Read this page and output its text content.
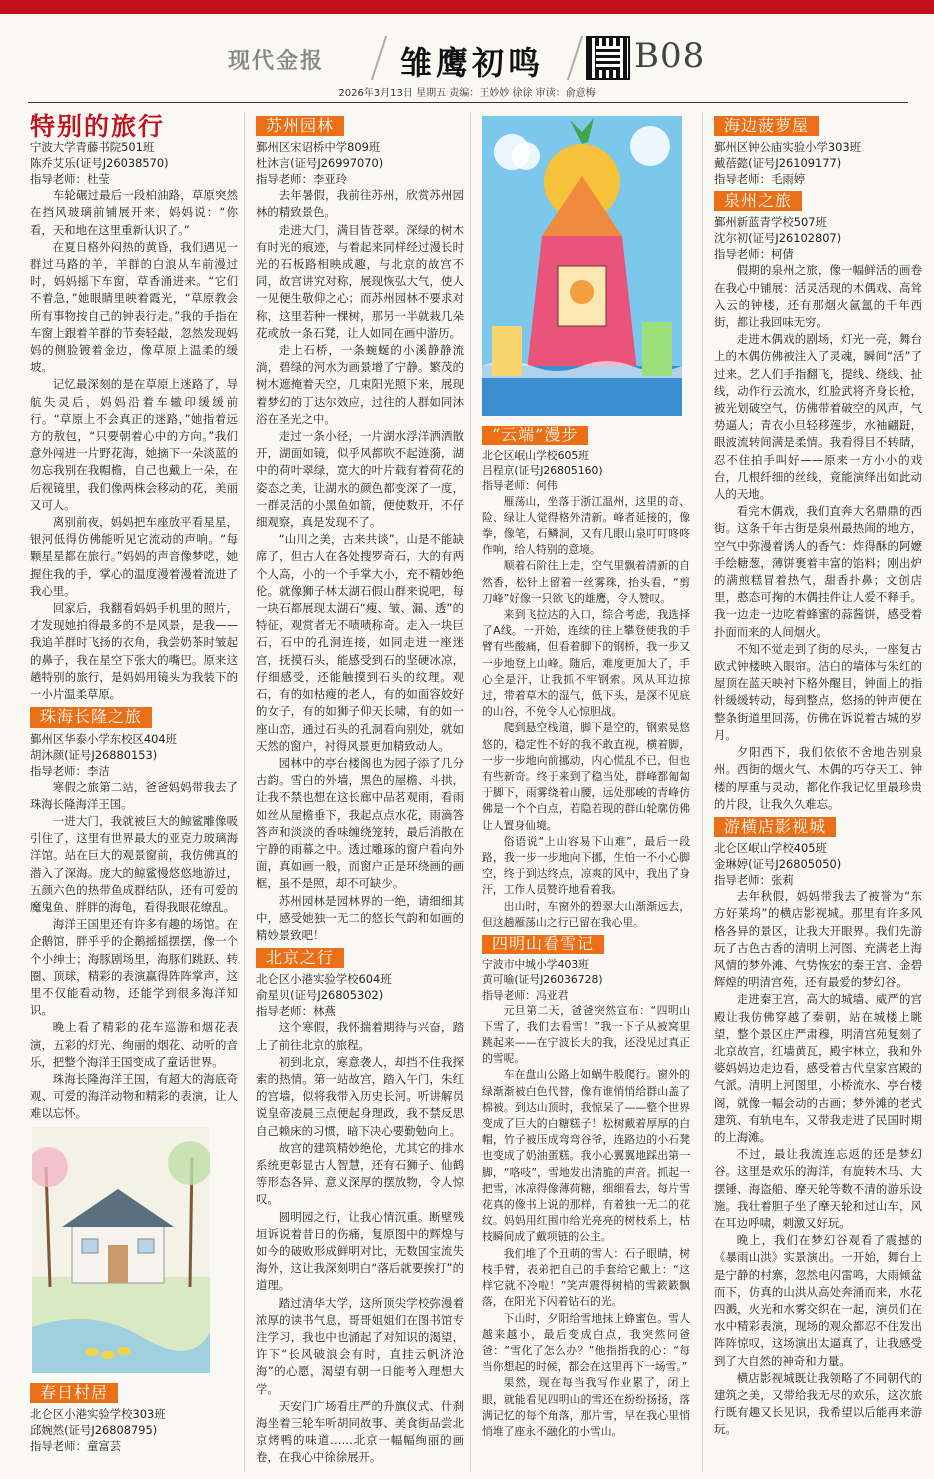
现代金报 雏鹰初鸣	B08
2026年3月13日 星期五 责编：王妙妙 徐徐 审读：俞意梅
特别的旅行
宁波大学青藤书院501班
陈乔艾乐(证号J26038570)
指导老师：杜莹

车轮碾过最后一段柏油路，草原突然在挡风玻璃前铺展开来，妈妈说：“你看，天和地在这里重新认识了。”

在夏日格外闷热的黄昏，我们遇见一群过马路的羊，羊群的白浪从车前漫过时，妈妈摇下车窗，草香涌进来。“它们不着急，”她眼睛里映着霞光，“草原教会所有事物按自己的钟表行走。”我的手指在车窗上跟着羊群的节奏轻敲，忽然发现妈妈的侧脸镀着金边，像草原上温柔的缓坡。

记忆最深刻的是在草原上迷路了，导航失灵后，妈妈沿着车辙印缓缓前行。“草原上不会真正的迷路，”她指着远方的敖包，“只要朝着心中的方向。”我们意外闯进一片野花海，她摘下一朵淡蓝的勿忘我别在我帽檐，自己也戴上一朵，在后视镜里，我们像两株会移动的花，美丽又可人。

离别前夜，妈妈把车座放平看星星，银河低得仿佛能听见它流动的声响。“每颗星星都在旅行。”妈妈的声音像梦呓，她握住我的手，掌心的温度漫着漫着流进了我心里。

回家后，我翻看妈妈手机里的照片，才发现她拍得最多的不是风景，是我——我追羊群时飞扬的衣角，我尝奶茶时皱起的鼻子，我在星空下张大的嘴巴。原来这趟特别的旅行，是妈妈用镜头为我装下的一小片温柔草原。

珠海长隆之旅
鄞州区华泰小学东校区404班
胡沐颜(证号J26880153)
指导老师：李洁

寒假之旅第二站，爸爸妈妈带我去了珠海长隆海洋王国。

一进大门，我就被巨大的鲸鲨雕像吸引住了，这里有世界最大的亚克力玻璃海洋馆。站在巨大的观景窗前，我仿佛真的潜入了深海。庞大的鲸鲨慢悠悠地游过，五颜六色的热带鱼成群结队，还有可爱的魔鬼鱼、胖胖的海龟，看得我眼花缭乱。

海洋王国里还有许多有趣的场馆。在企鹅馆，胖乎乎的企鹅摇摇摆摆，像一个个小绅士；海豚剧场里，海豚们跳跃、转圈、顶球，精彩的表演赢得阵阵掌声，这里不仅能看动物，还能学到很多海洋知识。

晚上看了精彩的花车巡游和烟花表演，五彩的灯光、绚丽的烟花、动听的音乐，把整个海洋王国变成了童话世界。

珠海长隆海洋王国，有超大的海底奇观、可爱的海洋动物和精彩的表演，让人难以忘怀。

春日村居
北仑区小港实验学校303班
邱婉然(证号J26808795)
指导老师：童富芸
苏州园林
鄞州区宋诏桥中学809班
杜沐言(证号J26997070)
指导老师：李亚玲

去年暑假，我前往苏州，欣赏苏州园林的精致景色。

走进大门，满目皆苍翠。深绿的树木有时光的痕迹，与着起来同样经过漫长时光的石板路相映成趣，与北京的故宫不同，故宫讲究对称，展现恢弘大气，使人一见便生敬仰之心；而苏州园林不要求对称，这里若种一棵树，那另一半就栽几朵花或放一条石凳，让人如同在画中游历。

走上石桥，一条蜿蜒的小溪静静流淌，碧绿的河水为画景增了宁静。繁茂的树木遮掩着天空，几束阳光照下来，展现着梦幻的丁达尔效应，过往的人群如同沐浴在圣光之中。

走过一条小径，一片湖水浮洋洒洒散开，湖面如镜，似乎风都吹不起涟漪，湖中的荷叶翠绿，宽大的叶片载有着荷花的姿态之美，让湖水的颜色都变深了一度，一群灵活的小黑鱼如箭，便使数开，不仔细观察，真是发现不了。

“山川之美，古来共谈”，山是不能缺席了，但古人在各处搜罗奇石，大的有两个人高，小的一个手掌大小，充不精妙绝伦。就像狮子林太湖石假山群来说吧，每一块石都展现太湖石“瘦、皱、漏、透”的特征，观赏者无不啧啧称奇。走入一块巨石，石中的孔洞连接，如同走进一座迷宫，抚摸石头，能感受到石的坚硬冰凉，仔细感受，还能触摸到石头的纹理。观石，有的如枯瘦的老人，有的如面容姣好的女子，有的如狮子仰天长啸，有的如一座山峦，通过石头的孔洞看向别处，就如天然的窗户，衬得风景更加精致动人。

园林中的亭台楼阁也为园子添了几分古韵。雪白的外墙，黑色的屋檐、斗拱，让我不禁也想在这长廊中品茗观雨，看雨如丝从屋檐垂下，我起点点水花，雨滴答答声和淡淡的香味缠绕笼转，最后消散在宁静的雨幕之中。透过雕琢的窗户看向外面，真如画一般，而窗户正是环绕画的画框，虽不是照，却不可缺少。

苏州园林是园林界的一绝，请细细其中，感受她独一无二的悠长气韵和如画的精妙景致吧！

北京之行
北仑区小港实验学校604班
俞星贝(证号J26805302)
指导老师：林燕

这个寒假，我怀揣着期待与兴奋，踏上了前往北京的旅程。

初到北京，寒意袭人，却挡不住我探索的热情。第一站故宫，踏入午门，朱红的宫墙，似将我带入历史长河。听讲解员说皇帝凌晨三点便起身理政，我不禁反思自己赖床的习惯，暗下决心要勤勉向上。

故宫的建筑精妙绝伦，尤其它的排水系统更彰显古人智慧，还有石狮子、仙鹤等形态各异、意义深厚的摆放物，令人惊叹。

圆明园之行，让我心情沉重。断壁残垣诉说着昔日的伤痛，复原图中的辉煌与如今的破败形成鲜明对比，无数国宝流失海外，这让我深刻明白“落后就要挨打”的道理。

踏过清华大学，这所顶尖学校弥漫着浓厚的读书气息，哥哥姐姐们在图书馆专注学习，我也中也涌起了对知识的渴望，许下“长风破浪会有时，直挂云帆济沧海”的心愿，渴望有朝一日能考入理想大学。

天安门广场看庄严的升旗仪式、什刹海坐着三轮车听胡同故事、美食街品尝北京烤鸭的味道……北京一幅幅绚丽的画卷，在我心中徐徐展开。

“云端”漫步
北仑区岷山学校605班
吕程京(证号J26805160)
指导老师：何伟

雁荡山，坐落于浙江温州，这里的奇、险、绿让人觉得格外清新。峰者延接的，像拳，像笔，石鳞洞，又有几眼山泉叮叮咚咚作响，给人特别的意境。

顺着石阶往上走，空气里飘着清新的自然香，松针上留着一丝雾珠，抬头看，“剪刀峰”好像一只欲飞的雄鹰，令人赞叹。

来到飞拉达的入口，综合考虑，我选择了A线。一开始，连续的往上攀登使我的手臂有些酸痛，但看着脚下的钢桥，我一步又一步地登上山峰。随后，难度更加大了，手心全是汗，让我抓不牢钢索。风从耳边掠过，带着草木的湿气，低下头，是深不见底的山谷，不免令人心惊胆战。

爬到悬空栈道，脚下是空的，钢索晃悠悠的，稳定性不好的我不敢直视，横着脚，一步一步地向前挪动，内心慌乱不已，但也有些新奇。终于来到了稳当处，群峰都匍匐于脚下，雨雾绕着山腰，远处那峻的青峰仿佛是一个个白点，若隐若现的群山轮廓仿佛让人置身仙境。

俗语说“上山容易下山难”，最后一段路，我一步一步地向下挪，生怕一不小心脚空，终于到达终点，凉爽的风中，我出了身汗，工作人员赞许地看着我。

出山时，车窗外的碧翠大山渐渐远去，但这趟雁荡山之行已留在我心里。

四明山看雪记
宁波市中城小学403班
黄可喻(证号J26036728)
指导老师：冯亚君

元旦第二天，爸爸突然宣布：“四明山下雪了，我们去看雪！”我一下子从被窝里跳起来——在宁波长大的我，还没见过真正的雪呢。

车在盘山公路上如蜗牛般爬行。窗外的绿渐渐被白色代替，像有谁悄悄给群山盖了棉被。到达山顶时，我惊呆了——整个世界变成了巨大的白糖糕子！松树戴着厚厚的白帽，竹子被压成弯弯谷爷，连路边的小石凳也变成了奶油蛋糕。我小心翼翼地踩出第一脚，“咯吱”，雪地发出清脆的声音。抓起一把雪，冰凉得像薄荷糖，细细看去，每片雪花真的像书上说的那样，有着独一无二的花纹。妈妈用红围巾给光亮亮的树枝系上，枯枝瞬间成了戴项链的公主。

我们堆了个丑萌的雪人：石子眼睛，树枝手臂，表弟把自己的手套给它戴上：“这样它就不冷啦！”笑声震得树梢的雪簌簌飘落，在阳光下闪着钻石的光。

下山时，夕阳给雪地抹上蜂蜜色。雪人越来越小，最后变成白点，我突然问爸爸：“雪化了怎么办？”他指指我的心：“每当你想起的时候，都会在这里再下一场雪。”

果然，现在每当我写作业累了，闭上眼，就能看见四明山的雪还在纷纷扬扬，落满记忆的每个角落，那片雪，早在我心里悄悄堆了座永不融化的小雪山。

海边菠萝屋
鄞州区钟公庙实验小学303班
戴蓓懿(证号J26109177)
指导老师：毛雨婷
泉州之旅
鄞州新蓝青学校507班
沈尔初(证号J26102807)
指导老师：柯倩

假期的泉州之旅，像一幅鲜活的画卷在我心中铺展：活灵活现的木偶戏、高耸入云的钟楼，还有那烟火氤氲的千年西街，都让我回味无穷。

走进木偶戏的剧场，灯光一亮，舞台上的木偶仿佛被注入了灵魂，瞬间“活”了过来。艺人们手指翻飞，提线、绕线、扯线，动作行云流水，红脸武将齐身长枪，被光划破空气，仿佛带着破空的风声，气势逼人；青衣小旦轻移莲步，水袖翩跹，眼波流转间满是柔情。我看得目不转睛，忍不住拍手叫好——原来一方小小的戏台，几根纤细的丝线，竟能演绎出如此动人的天地。

看完木偶戏，我们直奔大名鼎鼎的西街。这条千年古街是泉州最热闹的地方，空气中弥漫着诱人的香气：炸得酥的阿嬷手绘糖葱，薄饼裹着丰富的馅料；刚出炉的满煎糕冒着热气，甜香扑鼻；文创店里，憨态可掬的木偶挂件让人爱不释手。我一边走一边吃着蜂蜜的蒜酱饼，感受着扑面而来的人间烟火。

不知不觉走到了街的尽头，一座复古欧式钟楼映入眼帘。洁白的墙体与朱红的屋顶在蓝天映衬下格外醒目，钟面上的指针缓缓转动，每到整点，悠扬的钟声便在整条街道里回荡，仿佛在诉说着古城的岁月。

夕阳西下，我们依依不舍地告别泉州。西街的烟火气、木偶的巧夺天工、钟楼的厚重与灵动，都化作我记忆里最珍贵的片段，让我久久难忘。

游横店影视城
北仑区岷山学校405班
金琳婷(证号J26805050)
指导老师：张莉

去年秋假，妈妈带我去了被誉为“东方好莱坞”的横店影视城。那里有许多风格各异的景区，让我大开眼界。我们先游玩了古色古香的清明上河图、充满老上海风情的梦外滩、气势恢宏的秦王宫、金碧辉煌的明清宫苑，还有最爱的梦幻谷。

走进秦王宫，高大的城墙、威严的宫殿让我仿佛穿越了秦朝，站在城楼上眺望，整个景区庄严肃穆，明清宫苑复刻了北京故宫，红墙黄瓦，殿宇林立，我和外婆妈妈边走边看，感受着古代皇家宫殿的气派。清明上河图里，小桥流水、亭台楼阁，就像一幅会动的古画；梦外滩的老式建筑、有轨电车，又带我走进了民国时期的上海滩。

不过，最让我流连忘返的还是梦幻谷。这里是欢乐的海洋，有旋转木马、大摆锤、海盗船、摩天轮等数不清的游乐设施。我壮着胆子坐了摩天轮和过山车，风在耳边呼啸，刺激又好玩。

晚上，我们在梦幻谷观看了震撼的《暴雨山洪》实景演出。一开始，舞台上是宁静的村寨，忽然电闪雷鸣，大雨倾盆而下，仿真的山洪从高处奔涌而来，水花四溅，火光和水雾交织在一起，演员们在水中精彩表演，现场的观众都忍不住发出阵阵惊叹，这场演出太逼真了，让我感受到了大自然的神奇和力量。

横店影视城既让我领略了不同朝代的建筑之美，又带给我无尽的欢乐，这次旅行既有趣又长见识，我希望以后能再来游玩。
